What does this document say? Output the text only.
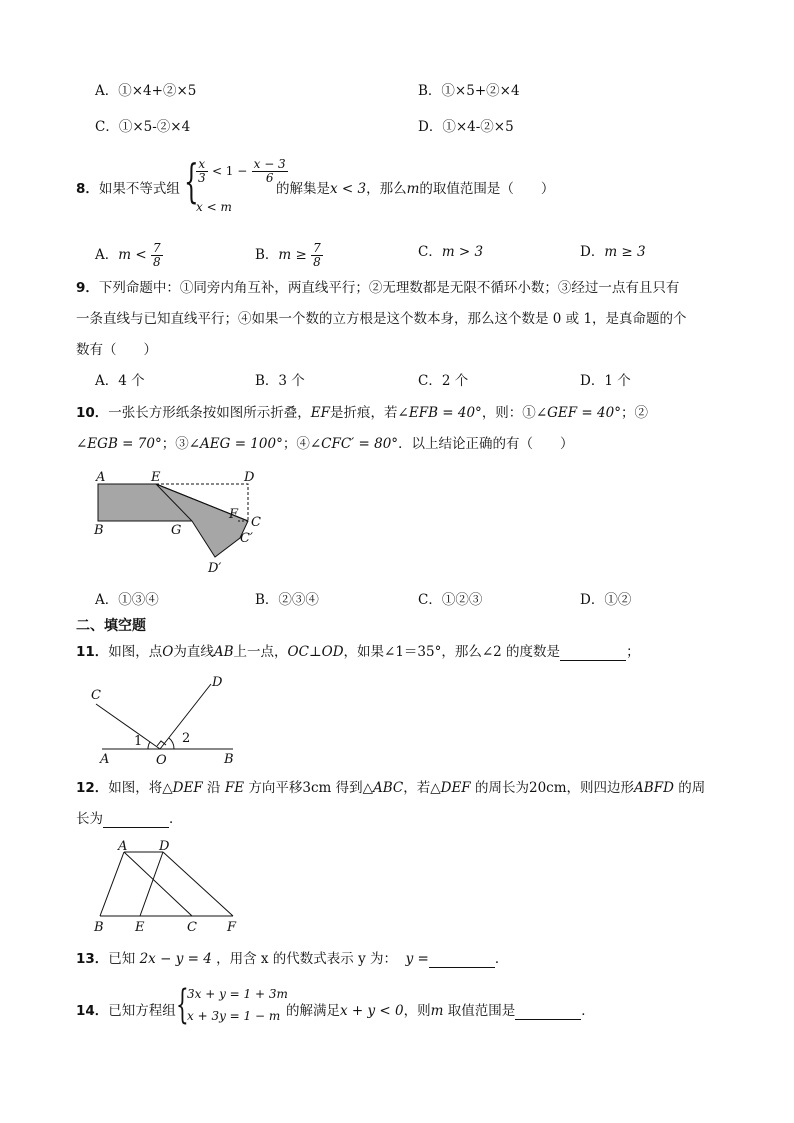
A．①×4+②×5	B．①×5+②×4
C．①×5-②×4	D．①×4-②×5
8．如果不等式组 {
$\frac{x}{3} < 1 - \frac{x - 3}{6}$
x < m
的解集是x < 3，那么m的取值范围是（　　）
A．$m < \frac{7}{8}$	B．$m \ge \frac{7}{8}$	C．m > 3	D．m ≥ 3
9．下列命题中：①同旁内角互补，两直线平行；②无理数都是无限不循环小数；③经过一点有且只有
一条直线与已知直线平行；④如果一个数的立方根是这个数本身，那么这个数是 0 或 1，是真命题的个
数有（　　）
A．4 个	B．3 个	C．2 个	D．1 个
10．一张长方形纸条按如图所示折叠，EF是折痕，若∠EFB = 40°，则：①∠GEF = 40°；②
∠EGB = 70°；③∠AEG = 100°；④∠CFC′ = 80°．以上结论正确的有（　　）
A	E	D
B	G
F
C
C′
D′
A．①③④	B．②③④	C．①②③	D．①②
二、填空题
11．如图，点O为直线AB上一点，OC⊥OD，如果∠1＝35°，那么∠2 的度数是	；
C
D
A	O	B
1	2
12．如图，将△DEF 沿 FE 方向平移3cm 得到△ABC，若△DEF 的周长为20cm，则四边形ABFD 的周
长为	．
A D
B E	C F
13．已知 2x − y = 4 ，用含 x 的代数式表示 y 为： y =	．
14．已知方程组 {
3x + y = 1 + 3m
x + 3y = 1 − m 的解满足x + y < 0，则m 取值范围是	．
